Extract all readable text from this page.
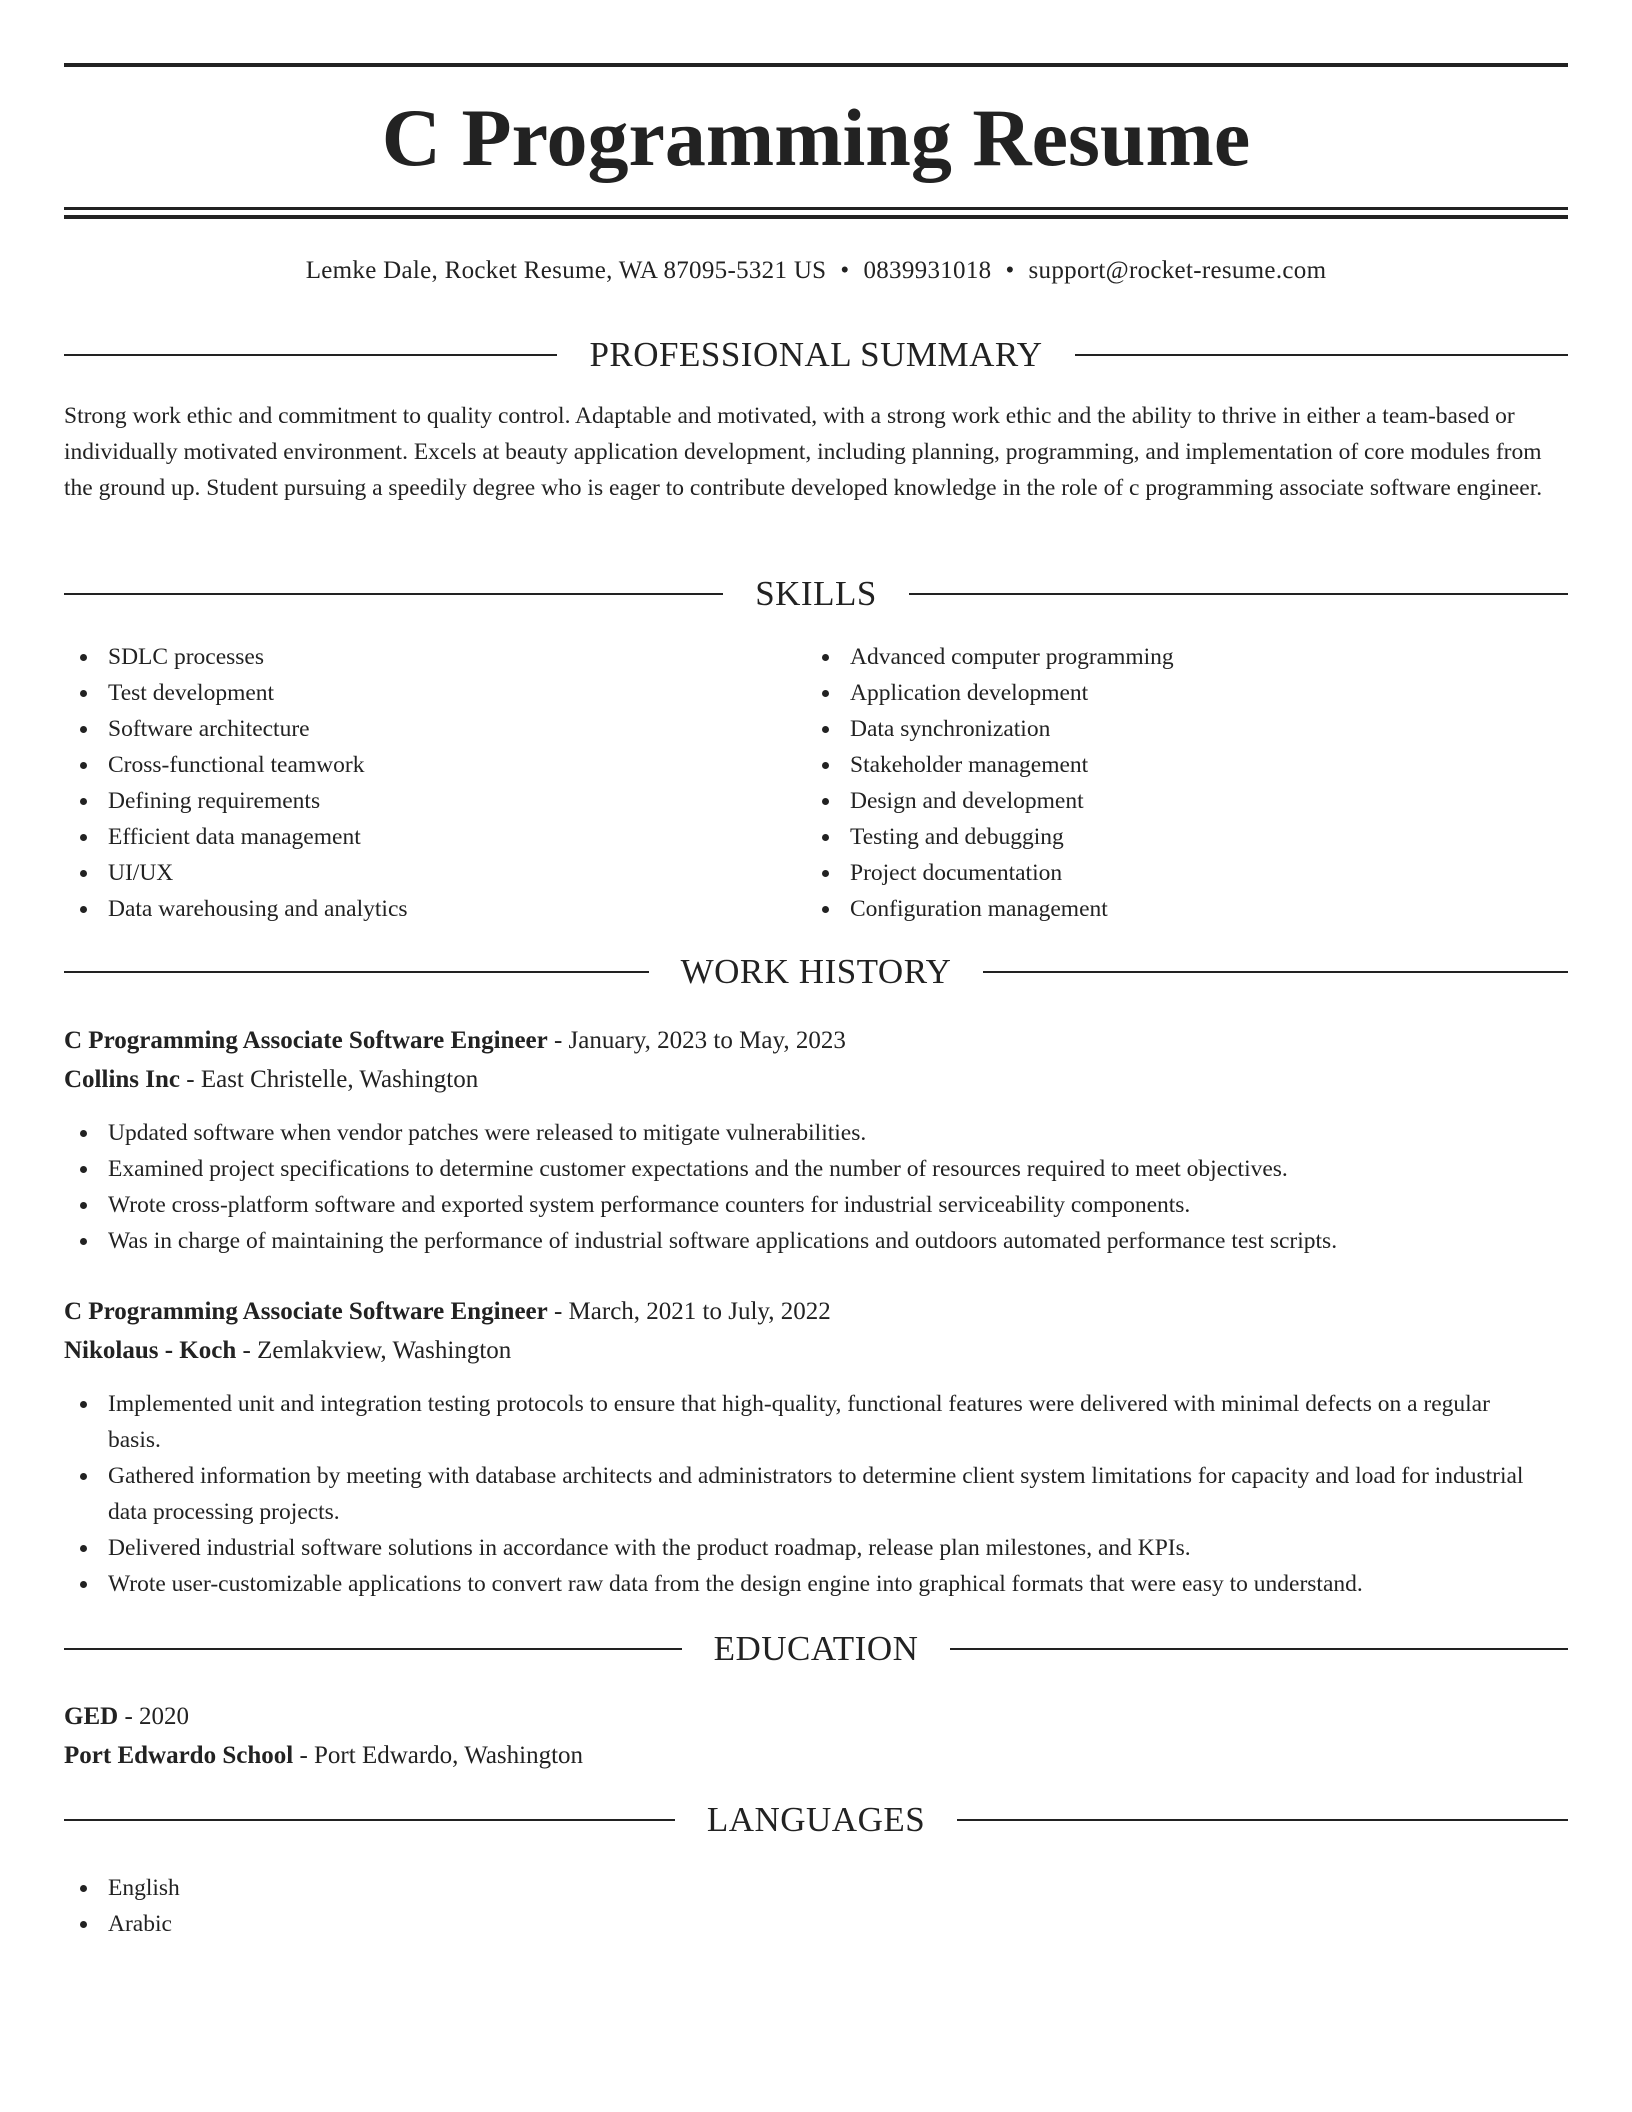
C Programming Resume
Lemke Dale, Rocket Resume, WA 87095-5321 US • 0839931018 • support@rocket-resume.com
PROFESSIONAL SUMMARY

Strong work ethic and commitment to quality control. Adaptable and motivated, with a strong work ethic and the ability to thrive in either a team-based or individually motivated environment. Excels at beauty application development, including planning, programming, and implementation of core modules from the ground up. Student pursuing a speedily degree who is eager to contribute developed knowledge in the role of c programming associate software engineer.

SKILLS
SDLC processes
Test development
Software architecture
Cross-functional teamwork
Defining requirements
Efficient data management
UI/UX
Data warehousing and analytics
Advanced computer programming
Application development
Data synchronization
Stakeholder management
Design and development
Testing and debugging
Project documentation
Configuration management
WORK HISTORY
C Programming Associate Software Engineer - January, 2023 to May, 2023
Collins Inc - East Christelle, Washington
Updated software when vendor patches were released to mitigate vulnerabilities.
Examined project specifications to determine customer expectations and the number of resources required to meet objectives.
Wrote cross-platform software and exported system performance counters for industrial serviceability components.
Was in charge of maintaining the performance of industrial software applications and outdoors automated performance test scripts.
C Programming Associate Software Engineer - March, 2021 to July, 2022
Nikolaus - Koch - Zemlakview, Washington
Implemented unit and integration testing protocols to ensure that high-quality, functional features were delivered with minimal defects on a regular basis.
Gathered information by meeting with database architects and administrators to determine client system limitations for capacity and load for industrial data processing projects.
Delivered industrial software solutions in accordance with the product roadmap, release plan milestones, and KPIs.
Wrote user-customizable applications to convert raw data from the design engine into graphical formats that were easy to understand.
EDUCATION
GED - 2020
Port Edwardo School - Port Edwardo, Washington
LANGUAGES
English
Arabic
